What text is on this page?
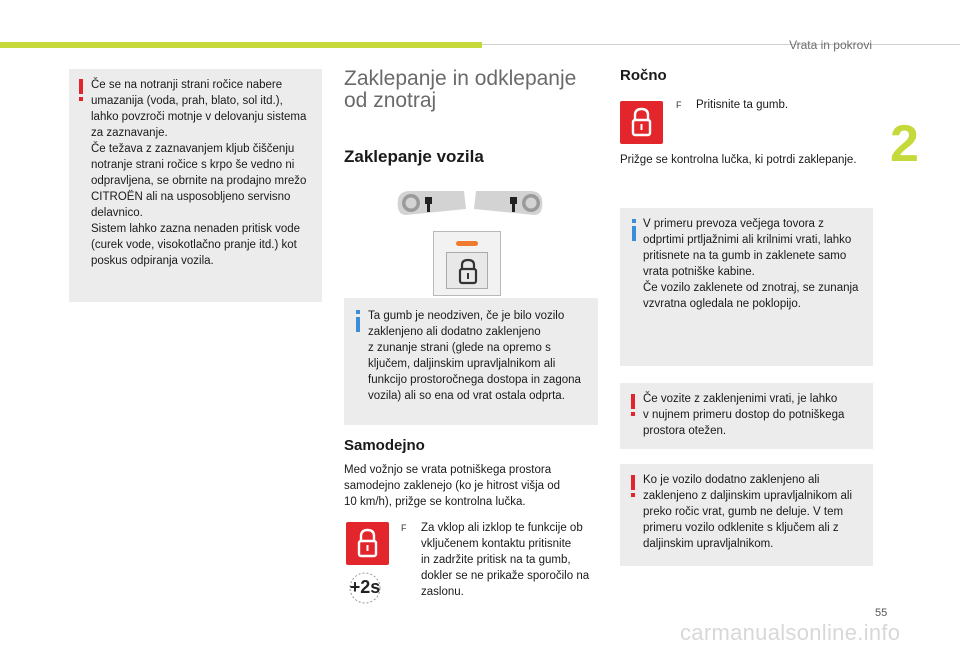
Vrata in pokrovi
2

Če se na notranji strani ročice nabere
umazanija (voda, prah, blato, sol itd.),
lahko povzroči motnje v delovanju sistema
za zaznavanje.
Če težava z zaznavanjem kljub čiščenju
notranje strani ročice s krpo še vedno ni
odpravljena, se obrnite na prodajno mrežo
CITROËN ali na usposobljeno servisno
delavnico.
Sistem lahko zazna nenaden pritisk vode
(curek vode, visokotlačno pranje itd.) kot
poskus odpiranja vozila.

Zaklepanje in odklepanje
od znotraj
Zaklepanje vozila

Ta gumb je neodziven, če je bilo vozilo
zaklenjeno ali dodatno zaklenjeno
z zunanje strani (glede na opremo s
ključem, daljinskim upravljalnikom ali
funkcijo prostoročnega dostopa in zagona
vozila) ali so ena od vrat ostala odprta.

Samodejno
Med vožnjo se vrata potniškega prostora
samodejno zaklenejo (ko je hitrost višja od
10 km/h), prižge se kontrolna lučka.
+2s
F Za vklop ali izklop te funkcije ob
vključenem kontaktu pritisnite
in zadržite pritisk na ta gumb,
dokler se ne prikaže sporočilo na
zaslonu.
Ročno
F Pritisnite ta gumb.
Prižge se kontrolna lučka, ki potrdi zaklepanje.

V primeru prevoza večjega tovora z
odprtimi prtljažnimi ali krilnimi vrati, lahko
pritisnete na ta gumb in zaklenete samo
vrata potniške kabine.
Če vozilo zaklenete od znotraj, se zunanja
vzvratna ogledala ne poklopijo.

Če vozite z zaklenjenimi vrati, je lahko
v nujnem primeru dostop do potniškega
prostora otežen.

Ko je vozilo dodatno zaklenjeno ali
zaklenjeno z daljinskim upravljalnikom ali
preko ročic vrat, gumb ne deluje. V tem
primeru vozilo odklenite s ključem ali z
daljinskim upravljalnikom.

55
carmanualsonline.info
